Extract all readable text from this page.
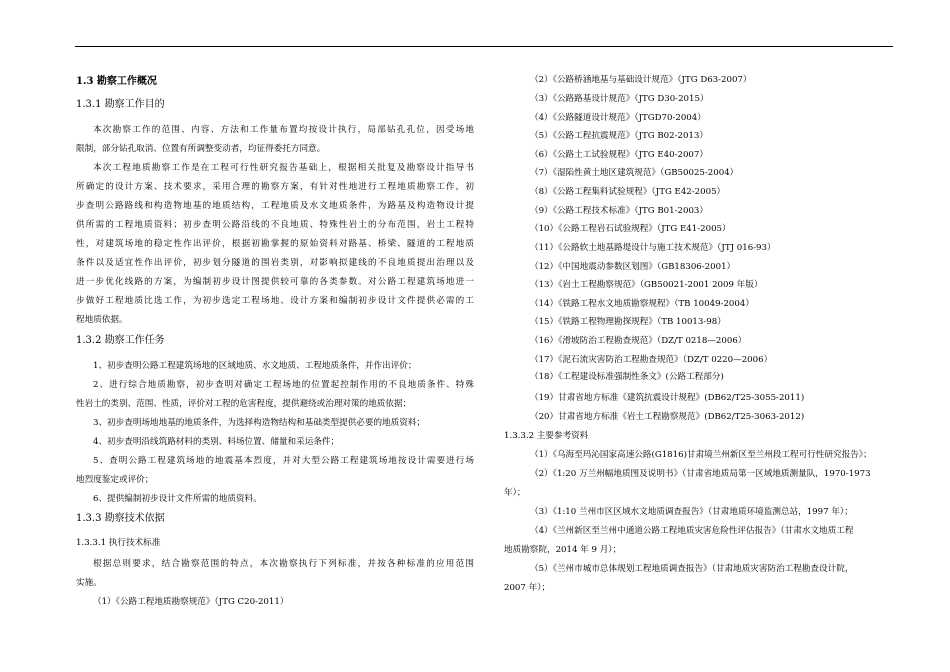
1.3 勘察工作概况
1.3.1 勘察工作目的
本次勘察工作的范围、内容、方法和工作量布置均按设计执行，局部钻孔孔位，因受场地
限制，部分钻孔取消、位置有所调整变动者，均征得委托方同意。
本次工程地质勘察工作是在工程可行性研究报告基础上，根据相关批复及勘察设计指导书
所确定的设计方案、技术要求，采用合理的勘察方案，有针对性地进行工程地质勘察工作，初
步查明公路路线和构造物地基的地质结构，工程地质及水文地质条件，为路基及构造物设计提
供所需的工程地质资料；初步查明公路沿线的不良地质、特殊性岩土的分布范围，岩土工程特
性，对建筑场地的稳定性作出评价，根据初勘掌握的原始资料对路基、桥梁、隧道的工程地质
条件以及适宜性作出评价，初步划分隧道的围岩类别，对影响拟建线的不良地质提出治理以及
进一步优化线路的方案，为编制初步设计图提供较可靠的各类参数。对公路工程建筑场地进一
步做好工程地质比选工作，为初步选定工程场地、设计方案和编制初步设计文件提供必需的工
程地质依据。
1.3.2 勘察工作任务
1、初步查明公路工程建筑场地的区域地质、水文地质、工程地质条件，并作出评价；
2、进行综合地质勘察，初步查明对确定工程场地的位置起控制作用的不良地质条件、特殊
性岩土的类别、范围、性质，评价对工程的危害程度，提供避绕或治理对策的地质依据；
3、初步查明场地地基的地质条件，为选择构造物结构和基础类型提供必要的地质资料；
4、初步查明沿线筑路材料的类别、料场位置、储量和采运条件；
5、查明公路工程建筑场地的地震基本烈度，并对大型公路工程建筑场地按设计需要进行场
地烈度鉴定或评价；
6、提供编制初步设计文件所需的地质资料。
1.3.3 勘察技术依据
1.3.3.1 执行技术标准
根据总则要求，结合勘察范围的特点，本次勘察执行下列标准，并按各种标准的应用范围
实施。
（1）《公路工程地质勘察规范》（JTG C20-2011）
（2）《公路桥涵地基与基础设计规范》（JTG D63-2007）
（3）《公路路基设计规范》（JTG D30-2015）
（4）《公路隧道设计规范》（JTGD70-2004）
（5）《公路工程抗震规范》（JTG B02-2013）
（6）《公路土工试验规程》（JTG E40-2007）
（7）《湿陷性黄土地区建筑规范》（GB50025-2004）
（8）《公路工程集料试验规程》（JTG E42-2005）
（9）《公路工程技术标准》（JTG B01-2003）
（10）《公路工程岩石试验规程》（JTG E41-2005）
（11）《公路软土地基路堤设计与施工技术规范》（JTJ 016-93）
（12）《中国地震动参数区划图》（GB18306-2001）
（13）《岩土工程勘察规范》（GB50021-2001 2009 年版）
（14）《铁路工程水文地质勘察规程》（TB 10049-2004）
（15）《铁路工程物理勘探规程》（TB 10013-98）
（16）《滑坡防治工程勘查规范》（DZ/T 0218—2006）
（17）《泥石流灾害防治工程勘查规范》（DZ/T 0220—2006）
（18）《工程建设标准强制性条文》(公路工程部分)
（19）甘肃省地方标准《建筑抗震设计规程》(DB62/T25-3055-2011)
（20）甘肃省地方标准《岩土工程勘察规范》(DB62/T25-3063-2012)
1.3.3.2 主要参考资料
（1）《乌海至玛沁国家高速公路(G1816)甘肃境兰州新区至兰州段工程可行性研究报告》；
（2）《1:20 万兰州幅地质图及说明书》（甘肃省地质局第一区域地质测量队，1970-1973
年）；
（3）《1:10 兰州市区区域水文地质调查报告》（甘肃地质环境监测总站，1997 年）；
（4）《兰州新区至兰州中通道公路工程地质灾害危险性评估报告》（甘肃水文地质工程
地质勘察院，2014 年 9 月）；
（5）《兰州市城市总体规划工程地质调查报告》（甘肃地质灾害防治工程勘查设计院，
2007 年）；
